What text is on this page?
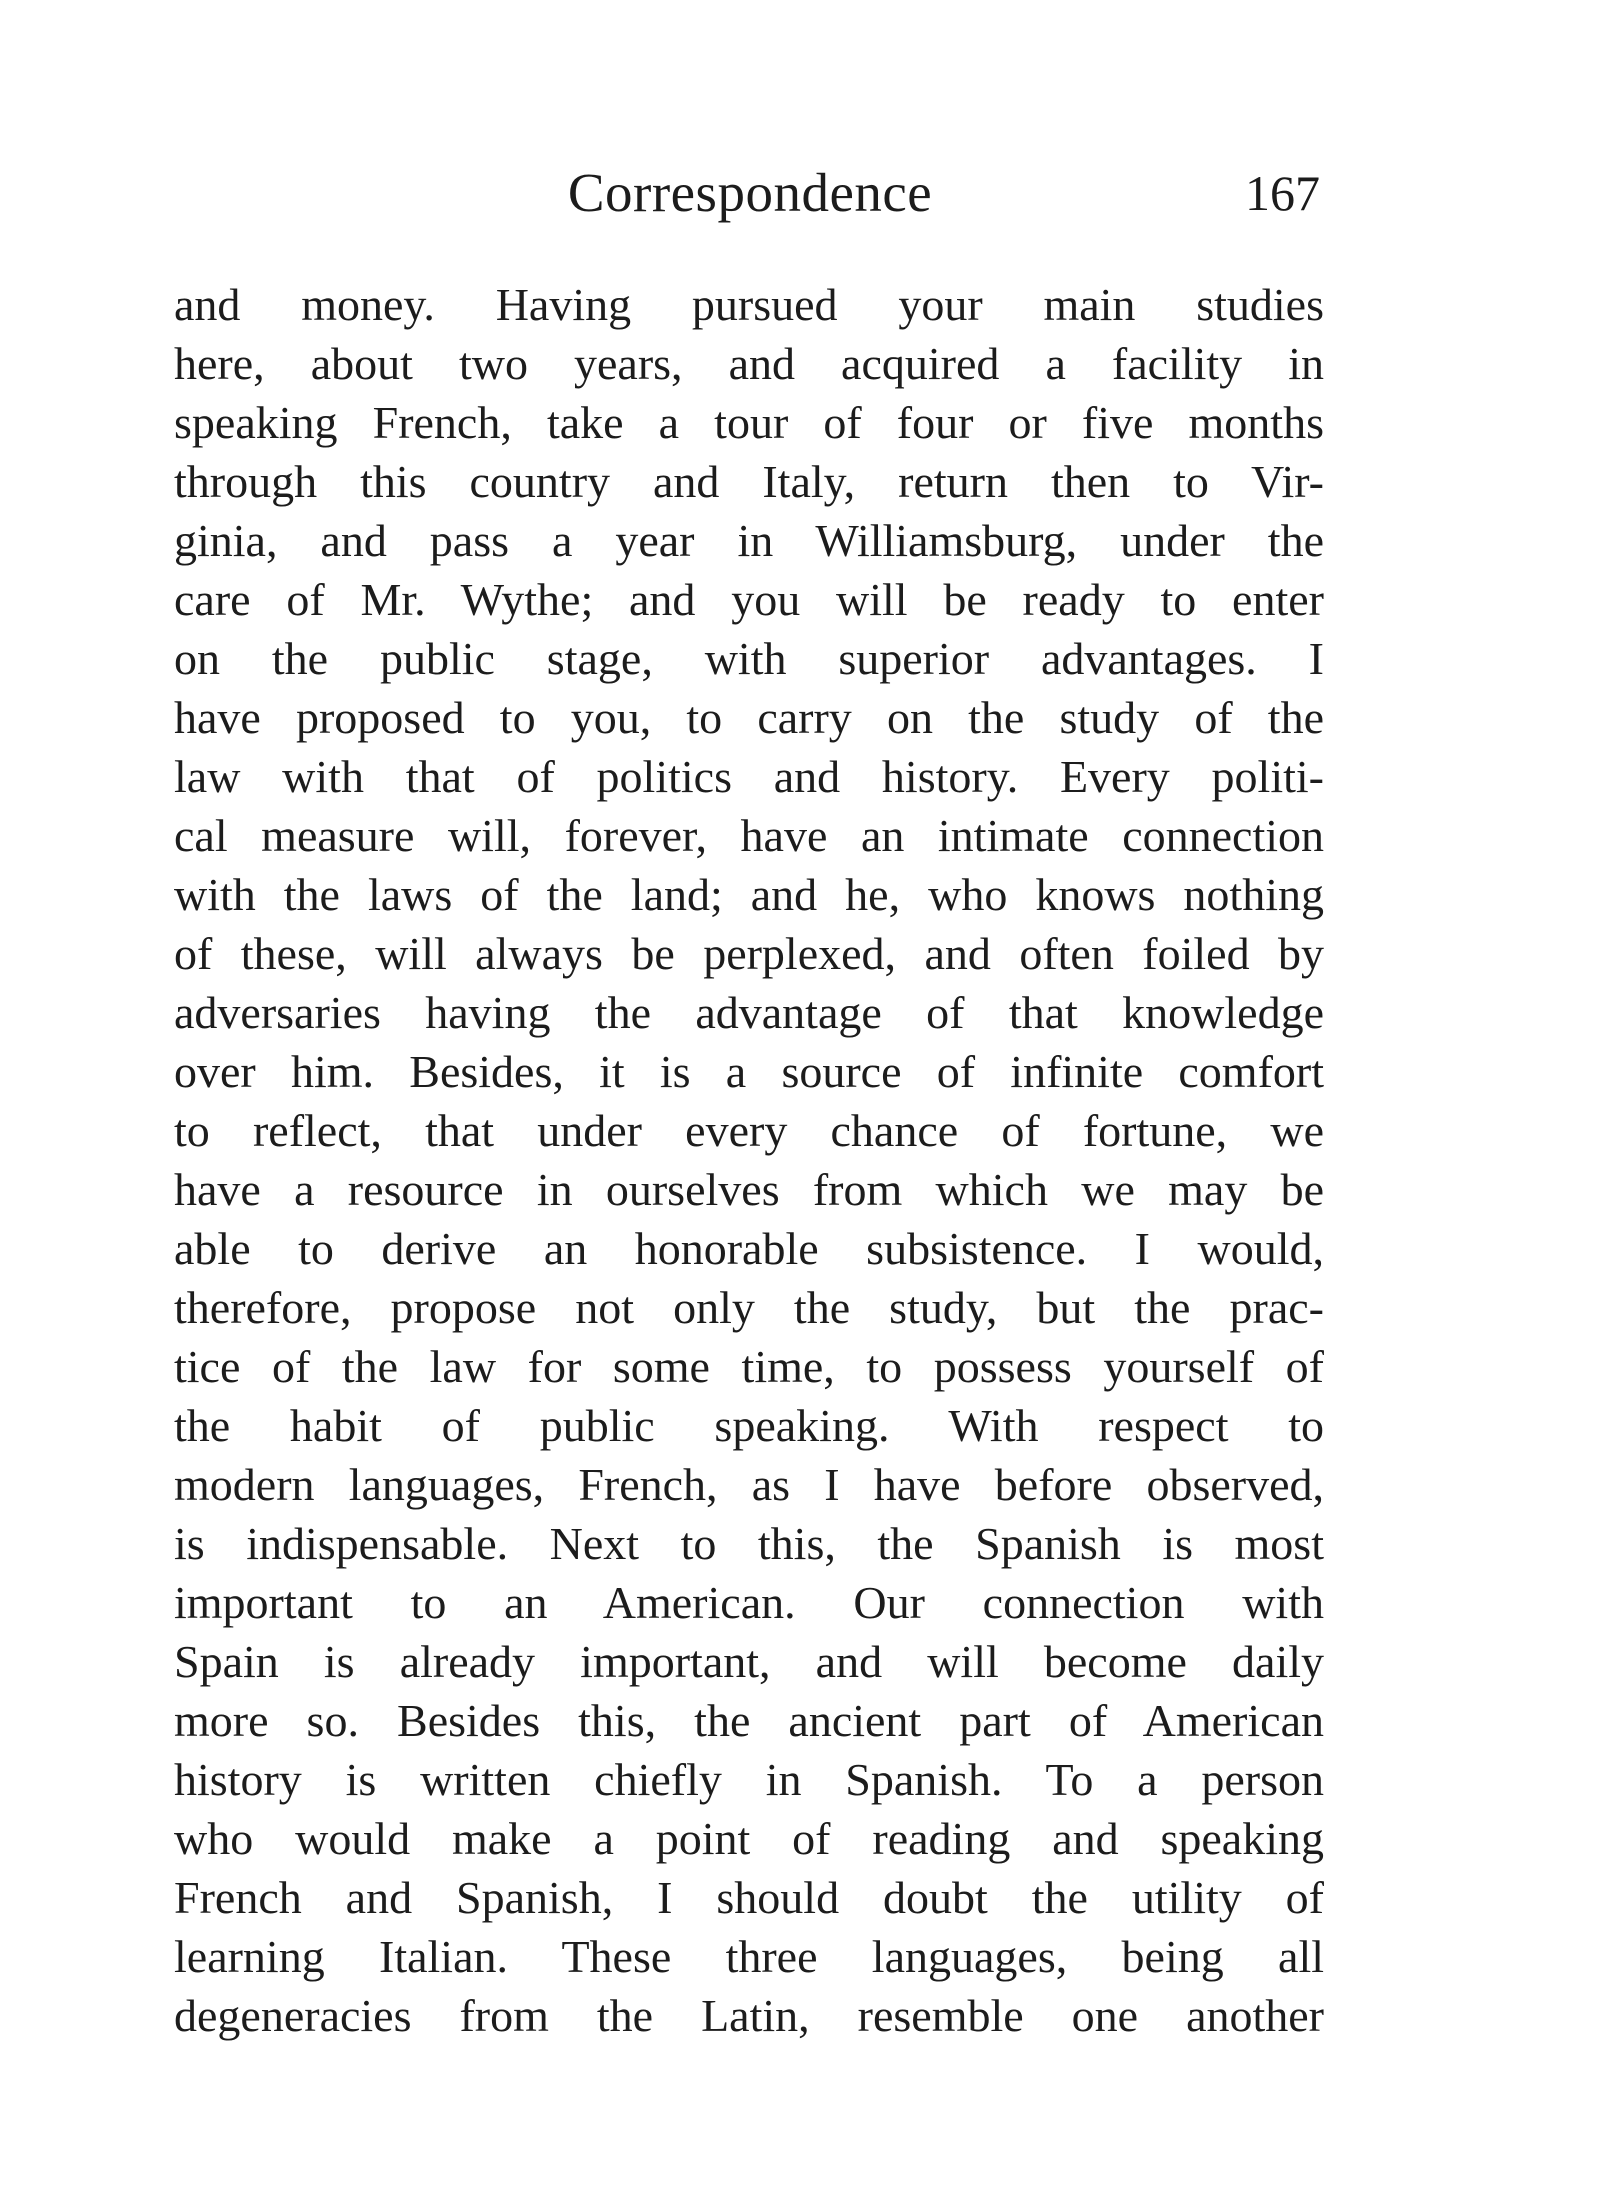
Correspondence	167
and money. Having pursued your main studies
here, about two years, and acquired a facility in
speaking French, take a tour of four or five months
through this country and Italy, return then to Vir-
ginia, and pass a year in Williamsburg, under the
care of Mr. Wythe; and you will be ready to enter
on the public stage, with superior advantages. I
have proposed to you, to carry on the study of the
law with that of politics and history. Every politi-
cal measure will, forever, have an intimate connection
with the laws of the land; and he, who knows nothing
of these, will always be perplexed, and often foiled by
adversaries having the advantage of that knowledge
over him. Besides, it is a source of infinite comfort
to reflect, that under every chance of fortune, we
have a resource in ourselves from which we may be
able to derive an honorable subsistence. I would,
therefore, propose not only the study, but the prac-
tice of the law for some time, to possess yourself of
the habit of public speaking. With respect to
modern languages, French, as I have before observed,
is indispensable. Next to this, the Spanish is most
important to an American. Our connection with
Spain is already important, and will become daily
more so. Besides this, the ancient part of American
history is written chiefly in Spanish. To a person
who would make a point of reading and speaking
French and Spanish, I should doubt the utility of
learning Italian. These three languages, being all
degeneracies from the Latin, resemble one another
